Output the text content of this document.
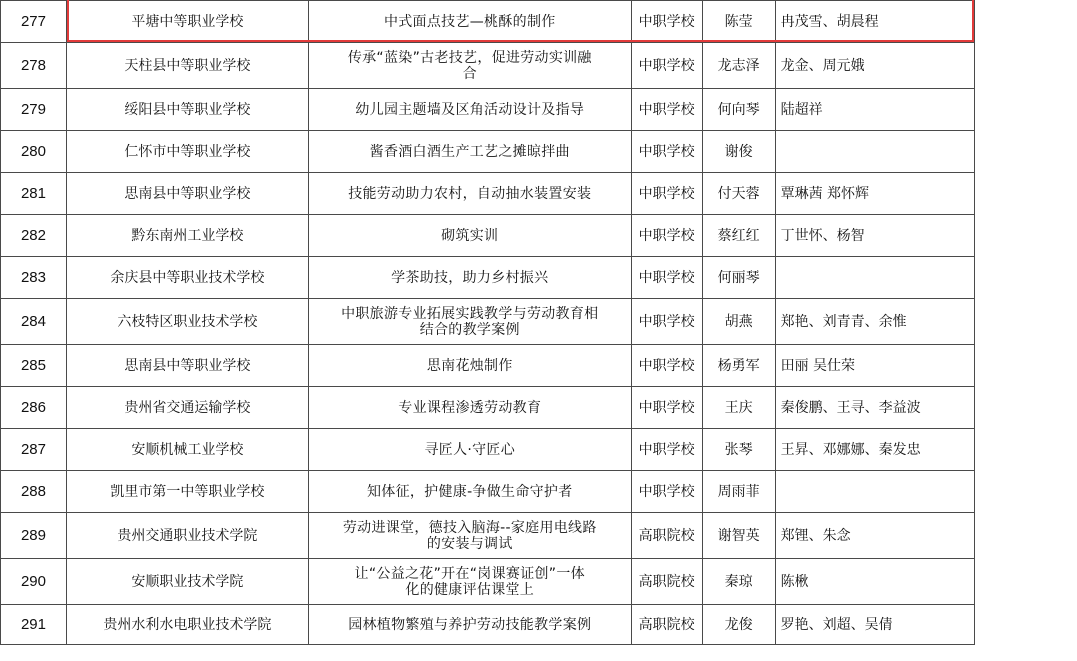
277	平塘中等职业学校	中式面点技艺—桃酥的制作	中职学校	陈莹	冉茂雪、胡晨程	
278	天柱县中等职业学校	传承“蓝染”古老技艺，促进劳动实训融
合	中职学校	龙志泽	龙金、周元娥	
279	绥阳县中等职业学校	幼儿园主题墙及区角活动设计及指导	中职学校	何向琴	陆超祥	
280	仁怀市中等职业学校	酱香酒白酒生产工艺之摊晾拌曲	中职学校	谢俊		
281	思南县中等职业学校	技能劳动助力农村，自动抽水装置安装	中职学校	付天蓉	覃琳茜 郑怀辉	
282	黔东南州工业学校	砌筑实训	中职学校	蔡红红	丁世怀、杨智	
283	余庆县中等职业技术学校	学茶助技，助力乡村振兴	中职学校	何丽琴		
284	六枝特区职业技术学校	中职旅游专业拓展实践教学与劳动教育相
结合的教学案例	中职学校	胡燕	郑艳、刘青青、余惟	
285	思南县中等职业学校	思南花烛制作	中职学校	杨勇军	田丽 吴仕荣	
286	贵州省交通运输学校	专业课程渗透劳动教育	中职学校	王庆	秦俊鹏、王寻、李益波	
287	安顺机械工业学校	寻匠人·守匠心	中职学校	张琴	王昇、邓娜娜、秦发忠	
288	凯里市第一中等职业学校	知体征，护健康-争做生命守护者	中职学校	周雨菲		
289	贵州交通职业技术学院	劳动进课堂，德技入脑海--家庭用电线路
的安装与调试	高职院校	谢智英	郑锂、朱念	
290	安顺职业技术学院	让“公益之花”开在“岗课赛证创”一体
化的健康评估课堂上	高职院校	秦琼	陈楸	
291	贵州水利水电职业技术学院	园林植物繁殖与养护劳动技能教学案例	高职院校	龙俊	罗艳、刘超、吴倩	
